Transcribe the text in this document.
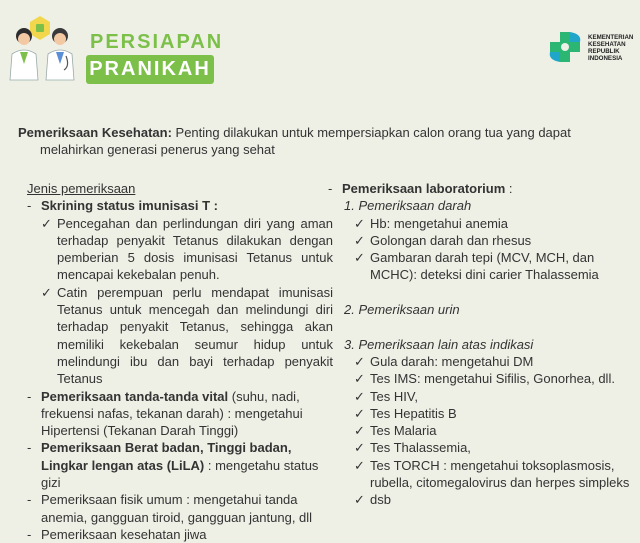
PERSIAPAN
PRANIKAH
KEMENTERIAN
KESEHATAN
REPUBLIK
INDONESIA
Pemeriksaan Kesehatan: Penting dilakukan untuk mempersiapkan calon orang tua yang dapat
melahirkan generasi penerus yang sehat
Jenis pemeriksaan
- Skrining status imunisasi T :
✓ Pencegahan dan perlindungan diri yang aman terhadap penyakit Tetanus dilakukan dengan pemberian 5 dosis imunisasi Tetanus untuk mencapai kekebalan penuh.
✓ Catin perempuan perlu mendapat imunisasi Tetanus untuk mencegah dan melindungi diri terhadap penyakit Tetanus, sehingga akan memiliki kekebalan seumur hidup untuk melindungi ibu dan bayi terhadap penyakit Tetanus
- Pemeriksaan tanda-tanda vital (suhu, nadi, frekuensi nafas, tekanan darah) : mengetahui Hipertensi (Tekanan Darah Tinggi)
- Pemeriksaan Berat badan, Tinggi badan, Lingkar lengan atas (LiLA) : mengetahu status gizi
- Pemeriksaan fisik umum : mengetahui tanda anemia, gangguan tiroid, gangguan jantung, dll
- Pemeriksaan kesehatan jiwa
- Pemeriksaan laboratorium :
1. Pemeriksaan darah
✓ Hb: mengetahui anemia
✓ Golongan darah dan rhesus
✓ Gambaran darah tepi (MCV, MCH, dan MCHC): deteksi dini carier Thalassemia
2. Pemeriksaan urin
3. Pemeriksaan lain atas indikasi
✓ Gula darah: mengetahui DM
✓ Tes IMS: mengetahui Sifilis, Gonorhea, dll.
✓ Tes HIV,
✓ Tes Hepatitis B
✓ Tes Malaria
✓ Tes Thalassemia,
✓ Tes TORCH : mengetahui toksoplasmosis, rubella, citomegalovirus dan herpes simpleks
✓ dsb
